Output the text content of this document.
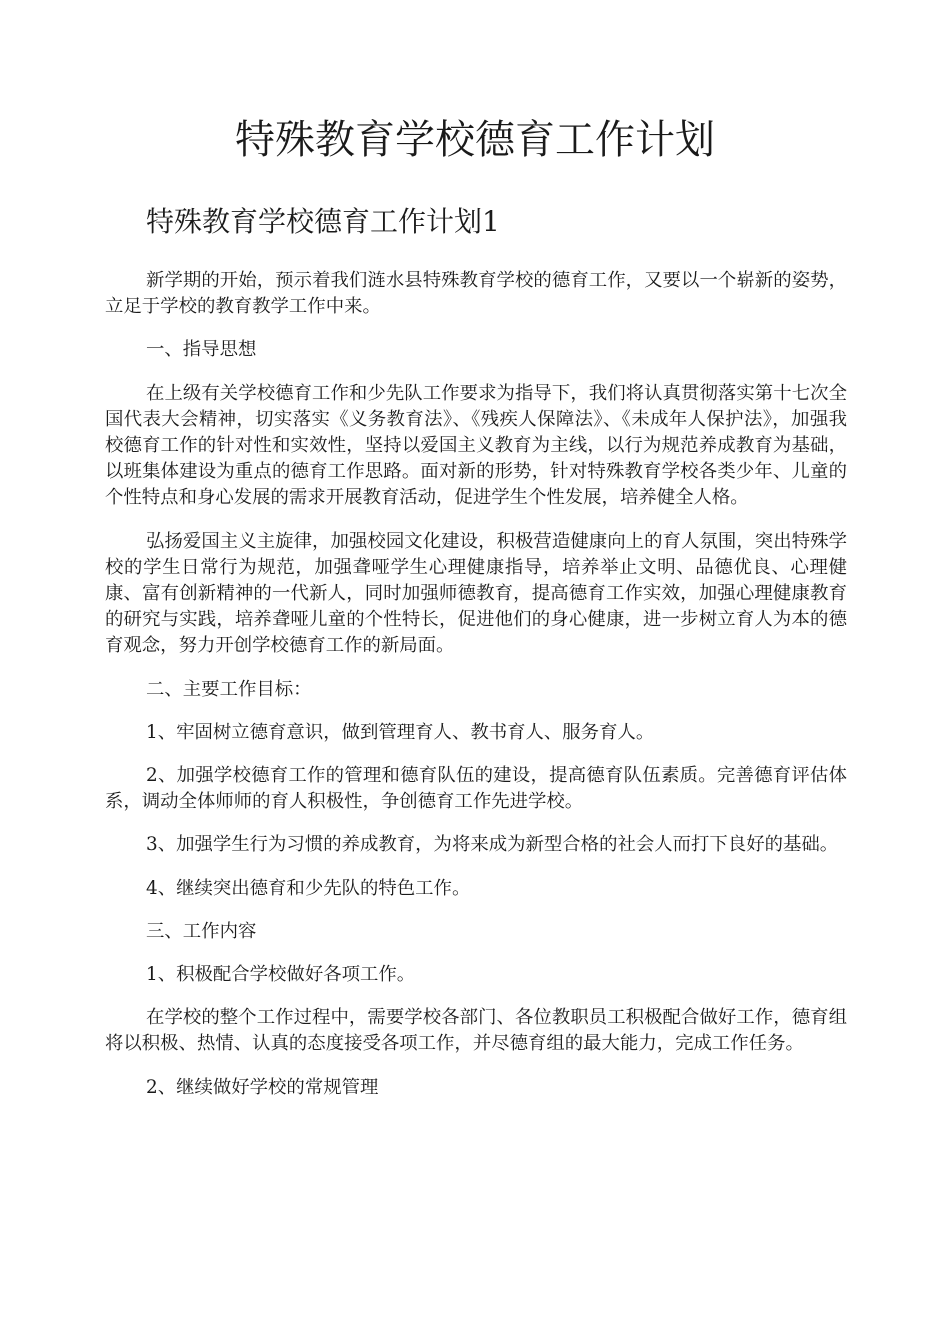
特殊教育学校德育工作计划
特殊教育学校德育工作计划1

新学期的开始，预示着我们涟水县特殊教育学校的德育工作，又要以一个崭新的姿势，立足于学校的教育教学工作中来。

一、指导思想

在上级有关学校德育工作和少先队工作要求为指导下，我们将认真贯彻落实第十七次全国代表大会精神，切实落实《义务教育法》、《残疾人保障法》、《未成年人保护法》，加强我校德育工作的针对性和实效性，坚持以爱国主义教育为主线，以行为规范养成教育为基础，以班集体建设为重点的德育工作思路。面对新的形势，针对特殊教育学校各类少年、儿童的个性特点和身心发展的需求开展教育活动，促进学生个性发展，培养健全人格。

弘扬爱国主义主旋律，加强校园文化建设，积极营造健康向上的育人氛围，突出特殊学校的学生日常行为规范，加强聋哑学生心理健康指导，培养举止文明、品德优良、心理健康、富有创新精神的一代新人，同时加强师德教育，提高德育工作实效，加强心理健康教育的研究与实践，培养聋哑儿童的个性特长，促进他们的身心健康，进一步树立育人为本的德育观念，努力开创学校德育工作的新局面。

二、主要工作目标：

1、牢固树立德育意识，做到管理育人、教书育人、服务育人。

2、加强学校德育工作的管理和德育队伍的建设，提高德育队伍素质。完善德育评估体系，调动全体师师的育人积极性，争创德育工作先进学校。

3、加强学生行为习惯的养成教育，为将来成为新型合格的社会人而打下良好的基础。

4、继续突出德育和少先队的特色工作。

三、工作内容

1、积极配合学校做好各项工作。

在学校的整个工作过程中，需要学校各部门、各位教职员工积极配合做好工作，德育组将以积极、热情、认真的态度接受各项工作，并尽德育组的最大能力，完成工作任务。

2、继续做好学校的常规管理
